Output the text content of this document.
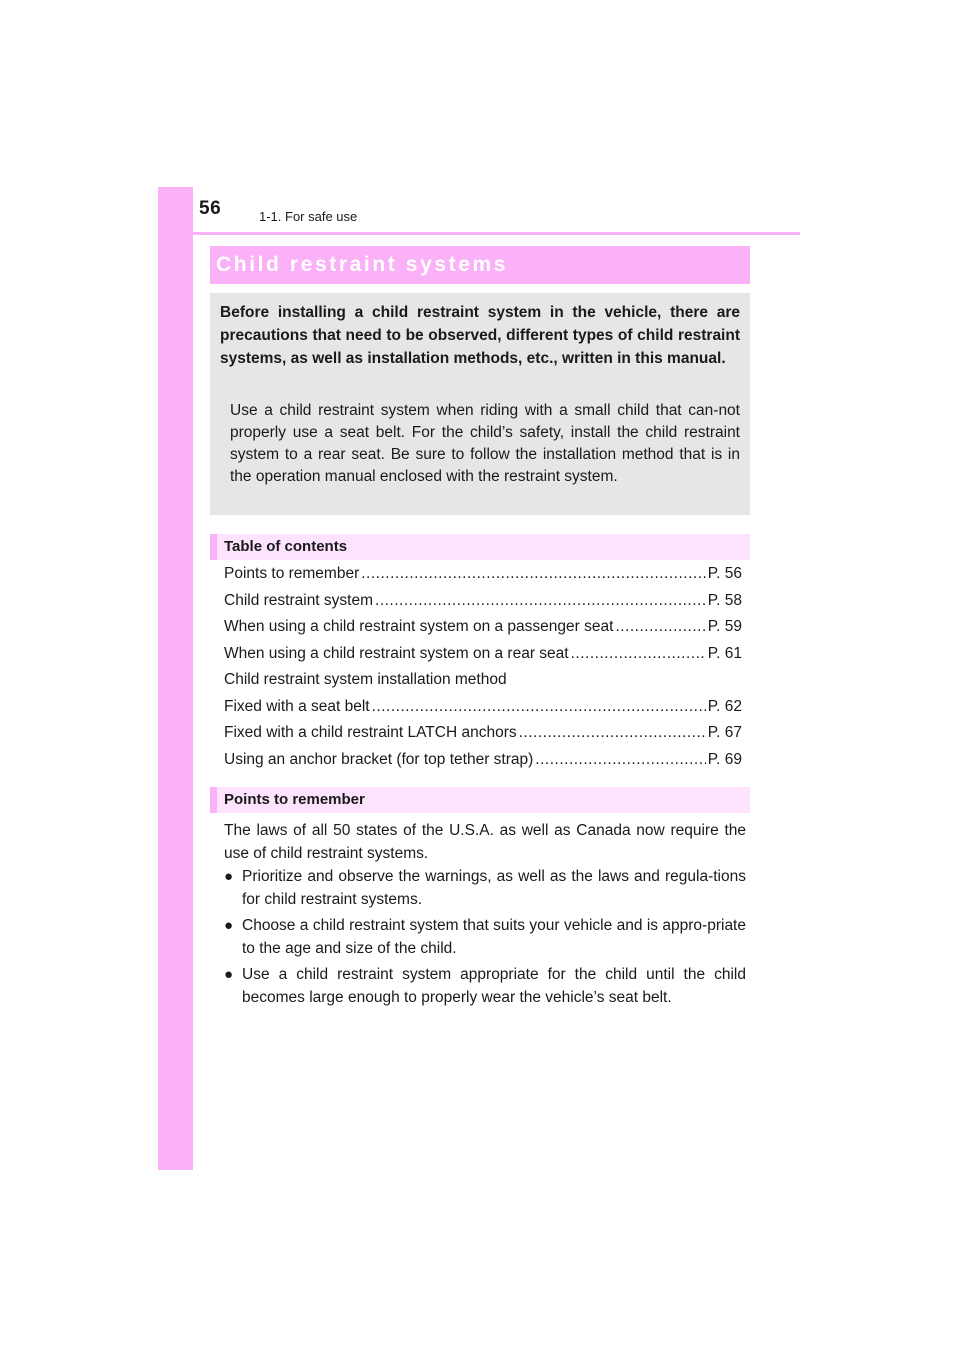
56	1-1. For safe use
Child restraint systems
Before installing a child restraint system in the vehicle, there are precautions that need to be observed, different types of child restraint systems, as well as installation methods, etc., written in this manual.
Use a child restraint system when riding with a small child that can-not properly use a seat belt. For the child’s safety, install the child restraint system to a rear seat. Be sure to follow the installation method that is in the operation manual enclosed with the restraint system.
Table of contents
Points to remember .....	P. 56
Child restraint system .....	P. 58
When using a child restraint system on a passenger seat .....	P. 59
When using a child restraint system on a rear seat .....	P. 61
Child restraint system installation method
Fixed with a seat belt .....	P. 62
Fixed with a child restraint LATCH anchors .....	P. 67
Using an anchor bracket (for top tether strap) .....	P. 69
Points to remember
The laws of all 50 states of the U.S.A. as well as Canada now require the use of child restraint systems.
● Prioritize and observe the warnings, as well as the laws and regula-tions for child restraint systems.
● Choose a child restraint system that suits your vehicle and is appro-priate to the age and size of the child.
● Use a child restraint system appropriate for the child until the child becomes large enough to properly wear the vehicle’s seat belt.
